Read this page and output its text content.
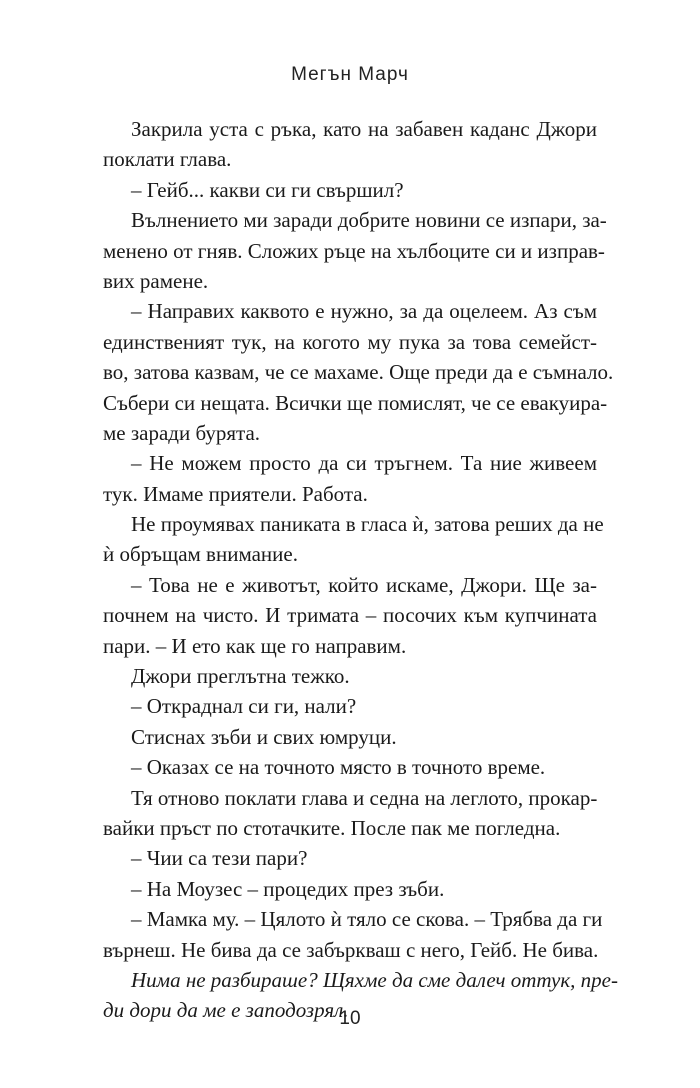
Мегън Марч
Закрила уста с ръка, като на забавен каданс Джори
поклати глава.
– Гейб... какви си ги свършил?
Вълнението ми заради добрите новини се изпари, за-
менено от гняв. Сложих ръце на хълбоците си и изправ-
вих рамене.
– Направих каквото е нужно, за да оцелеем. Аз съм
единственият тук, на когото му пука за това семейст-
во, затова казвам, че се махаме. Още преди да е съмнало.
Събери си нещата. Всички ще помислят, че се евакуира-
ме заради бурята.
– Не можем просто да си тръгнем. Та ние живеем
тук. Имаме приятели. Работа.
Не проумявах паниката в гласа ѝ, затова реших да не
ѝ обръщам внимание.
– Това не е животът, който искаме, Джори. Ще за-
почнем на чисто. И тримата – посочих към купчината
пари. – И ето как ще го направим.
Джори преглътна тежко.
– Откраднал си ги, нали?
Стиснах зъби и свих юмруци.
– Оказах се на точното място в точното време.
Тя отново поклати глава и седна на леглото, прокар-
вайки пръст по стотачките. После пак ме погледна.
– Чии са тези пари?
– На Моузес – процедих през зъби.
– Мамка му. – Цялото ѝ тяло се скова. – Трябва да ги
върнеш. Не бива да се забъркваш с него, Гейб. Не бива.
Нима не разбираше? Щяхме да сме далеч оттук, пре-
ди дори да ме е заподозрял.
10
